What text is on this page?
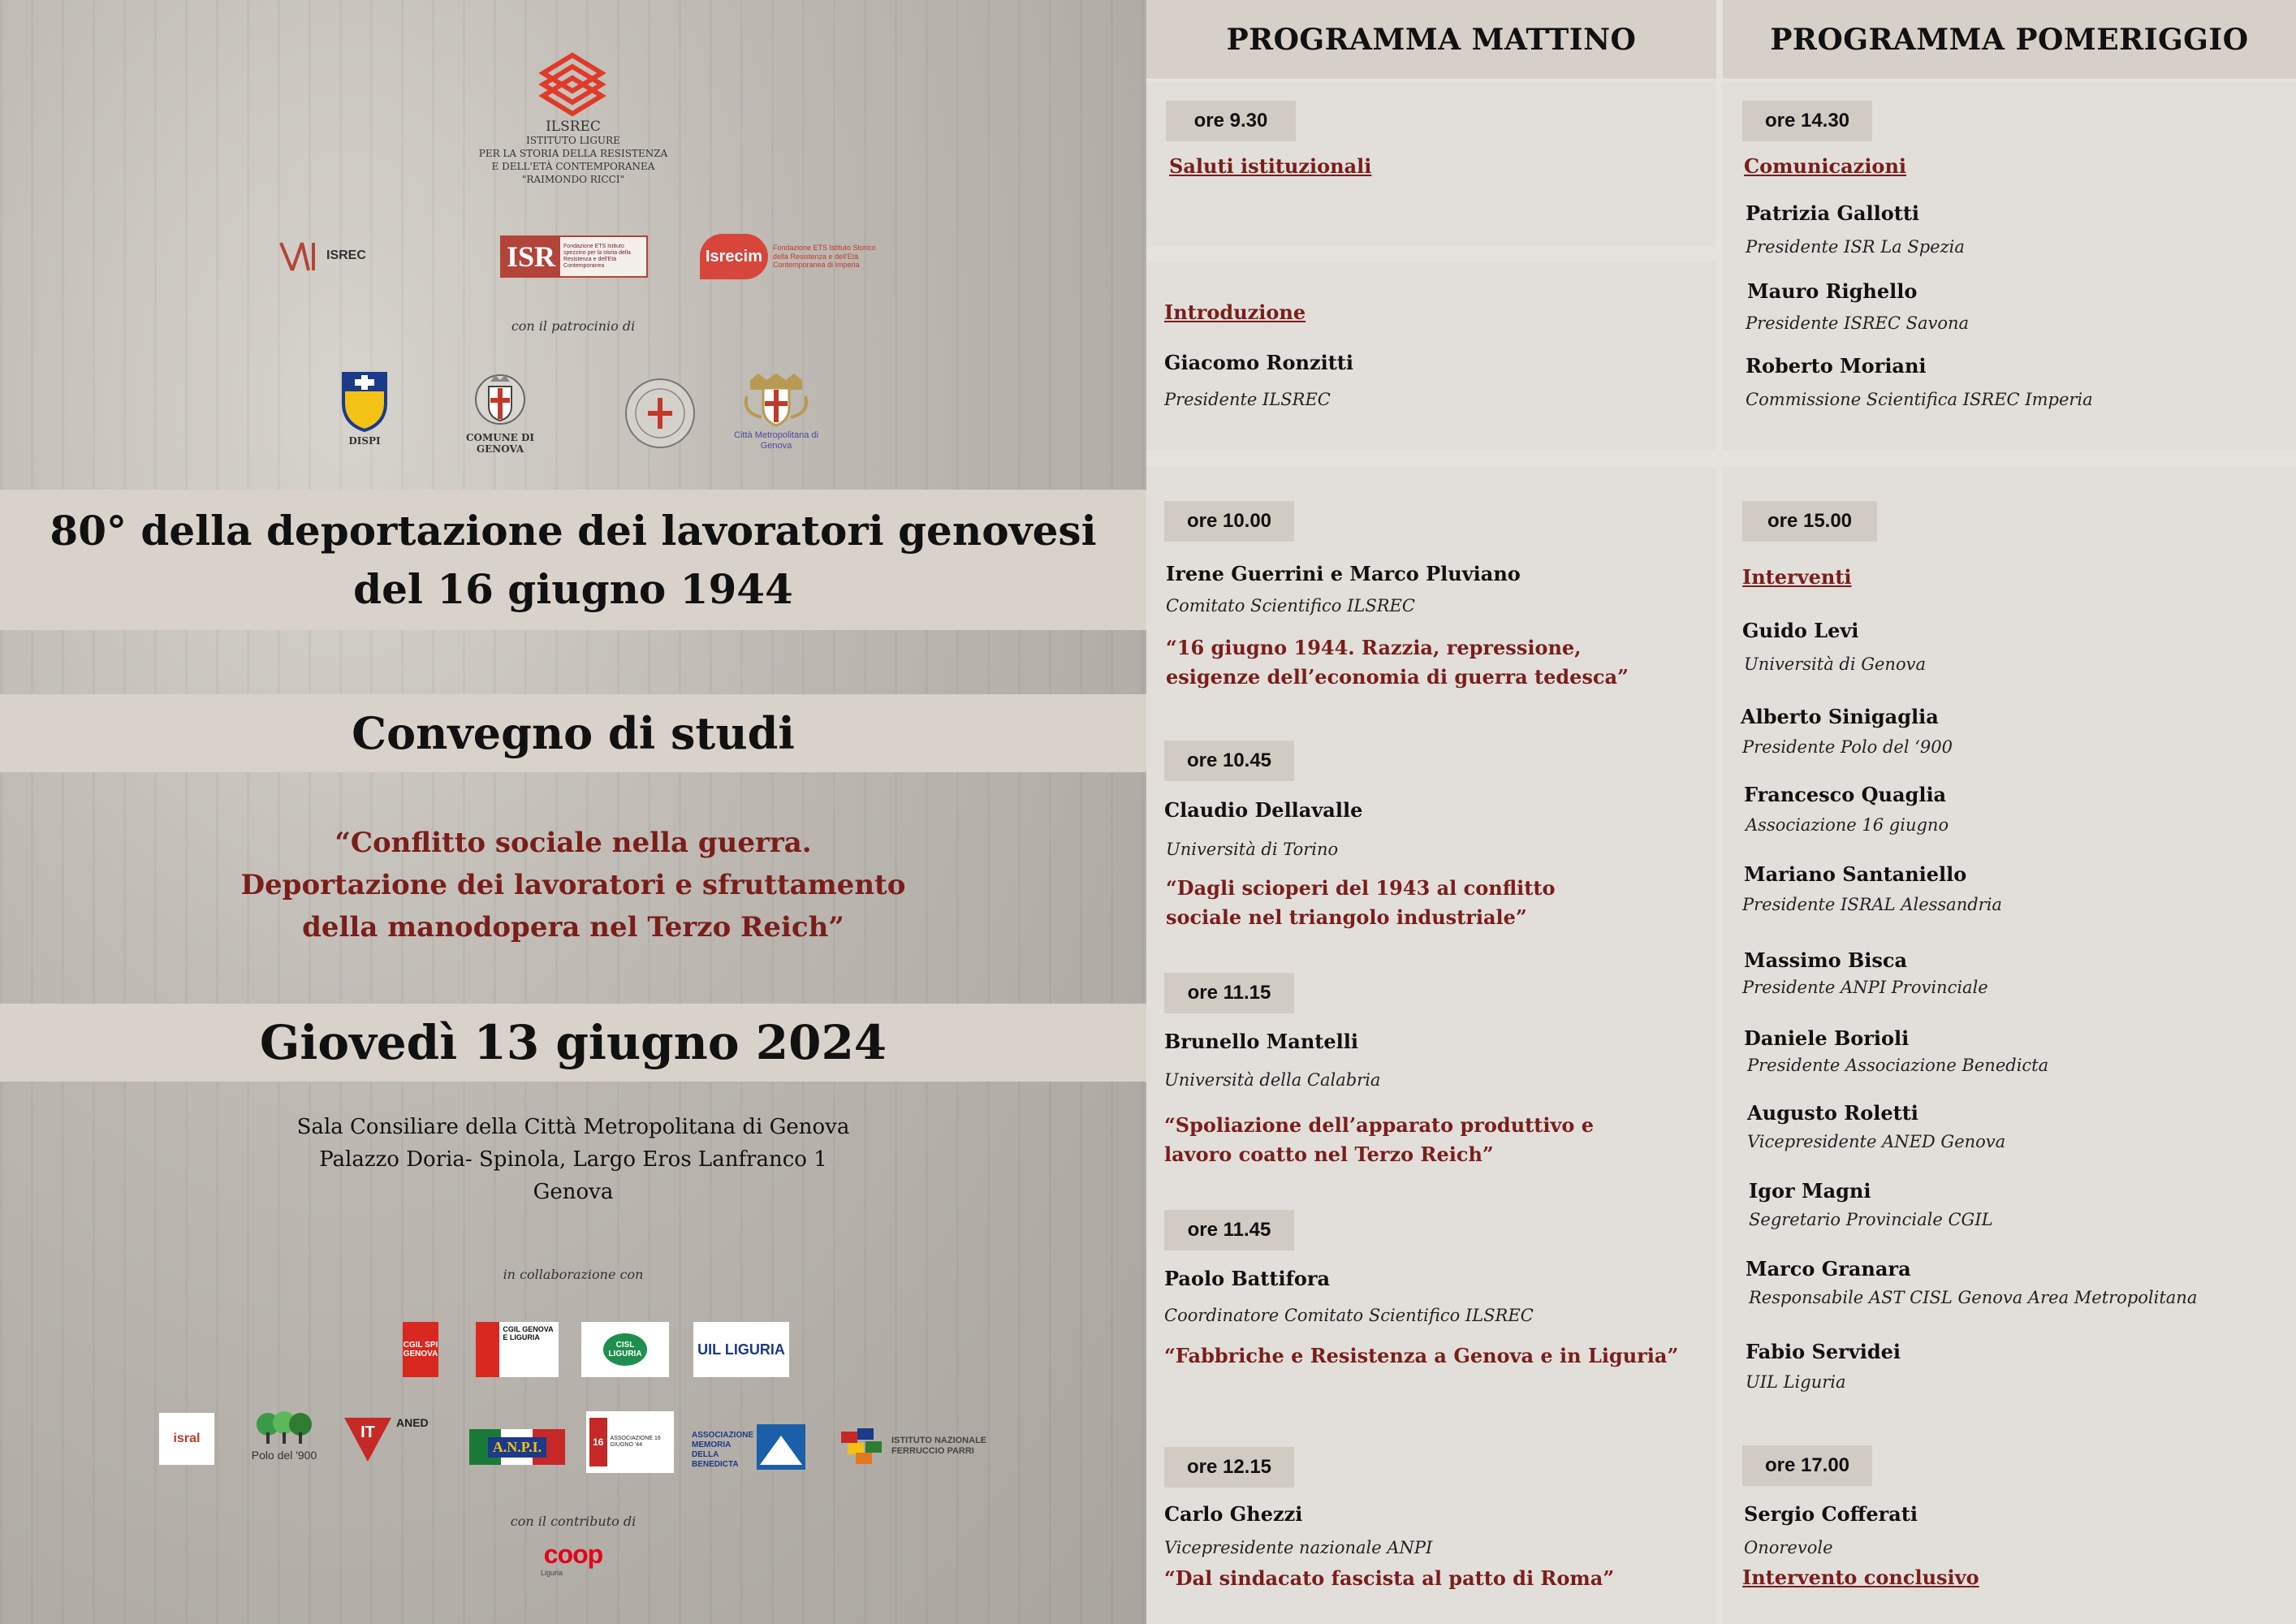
ILSREC
ISTITUTO LIGURE
PER LA STORIA DELLA RESISTENZA
E DELL'ETÀ CONTEMPORANEA
"RAIMONDO RICCI"
ISREC	ISR	Fondazione ETS Istituto spezzino per la storia della Resistenza e dell'Età Contemporanea
Isrecim	Fondazione ETS Istituto Storico della Resistenza e dell'Età Contemporanea di Imperia
con il patrocinio di
DISPI	COMUNE DI GENOVA
Città Metropolitana di Genova
80° della deportazione dei lavoratori genovesi
del 16 giugno 1944
Convegno di studi
“Conflitto sociale nella guerra.
Deportazione dei lavoratori e sfruttamento
della manodopera nel Terzo Reich”
Giovedì 13 giugno 2024
Sala Consiliare della Città Metropolitana di Genova
Palazzo Doria- Spinola, Largo Eros Lanfranco 1
Genova
in collaborazione con
CGIL SPI GENOVA
CGIL GENOVA E LIGURIA
CISL LIGURIA	UIL LIGURIA
isral
Polo del '900
IT
ANED
A.N.P.I.	16	ASSOCIAZIONE 16 GIUGNO '44
ASSOCIAZIONE MEMORIA DELLA BENEDICTA
ISTITUTO NAZIONALE FERRUCCIO PARRI
con il contributo di
coop
Liguria
PROGRAMMA MATTINO	PROGRAMMA POMERIGGIO
ore 9.30
Saluti istituzionali
Introduzione
Giacomo Ronzitti
Presidente ILSREC
ore 10.00
Irene Guerrini e Marco Pluviano
Comitato Scientifico ILSREC
“16 giugno 1944. Razzia, repressione, esigenze dell’economia di guerra tedesca”
ore 10.45
Claudio Dellavalle
Università di Torino
“Dagli scioperi del 1943 al conflitto sociale nel triangolo industriale”
ore 11.15
Brunello Mantelli
Università della Calabria
“Spoliazione dell’apparato produttivo e lavoro coatto nel Terzo Reich”
ore 11.45
Paolo Battifora
Coordinatore Comitato Scientifico ILSREC
“Fabbriche e Resistenza a Genova e in Liguria”
ore 12.15
Carlo Ghezzi
Vicepresidente nazionale ANPI
“Dal sindacato fascista al patto di Roma”
ore 14.30
Comunicazioni
Patrizia Gallotti
Presidente ISR La Spezia
Mauro Righello
Presidente ISREC Savona
Roberto Moriani
Commissione Scientifica ISREC Imperia
ore 15.00
Interventi
Guido Levi
Università di Genova
Alberto Sinigaglia
Presidente Polo del ‘900
Francesco Quaglia
Associazione 16 giugno
Mariano Santaniello
Presidente ISRAL Alessandria
Massimo Bisca
Presidente ANPI Provinciale
Daniele Borioli
Presidente Associazione Benedicta
Augusto Roletti
Vicepresidente ANED Genova
Igor Magni
Segretario Provinciale CGIL
Marco Granara
Responsabile AST CISL Genova Area Metropolitana
Fabio Servidei
UIL Liguria
ore 17.00
Sergio Cofferati
Onorevole
Intervento conclusivo
